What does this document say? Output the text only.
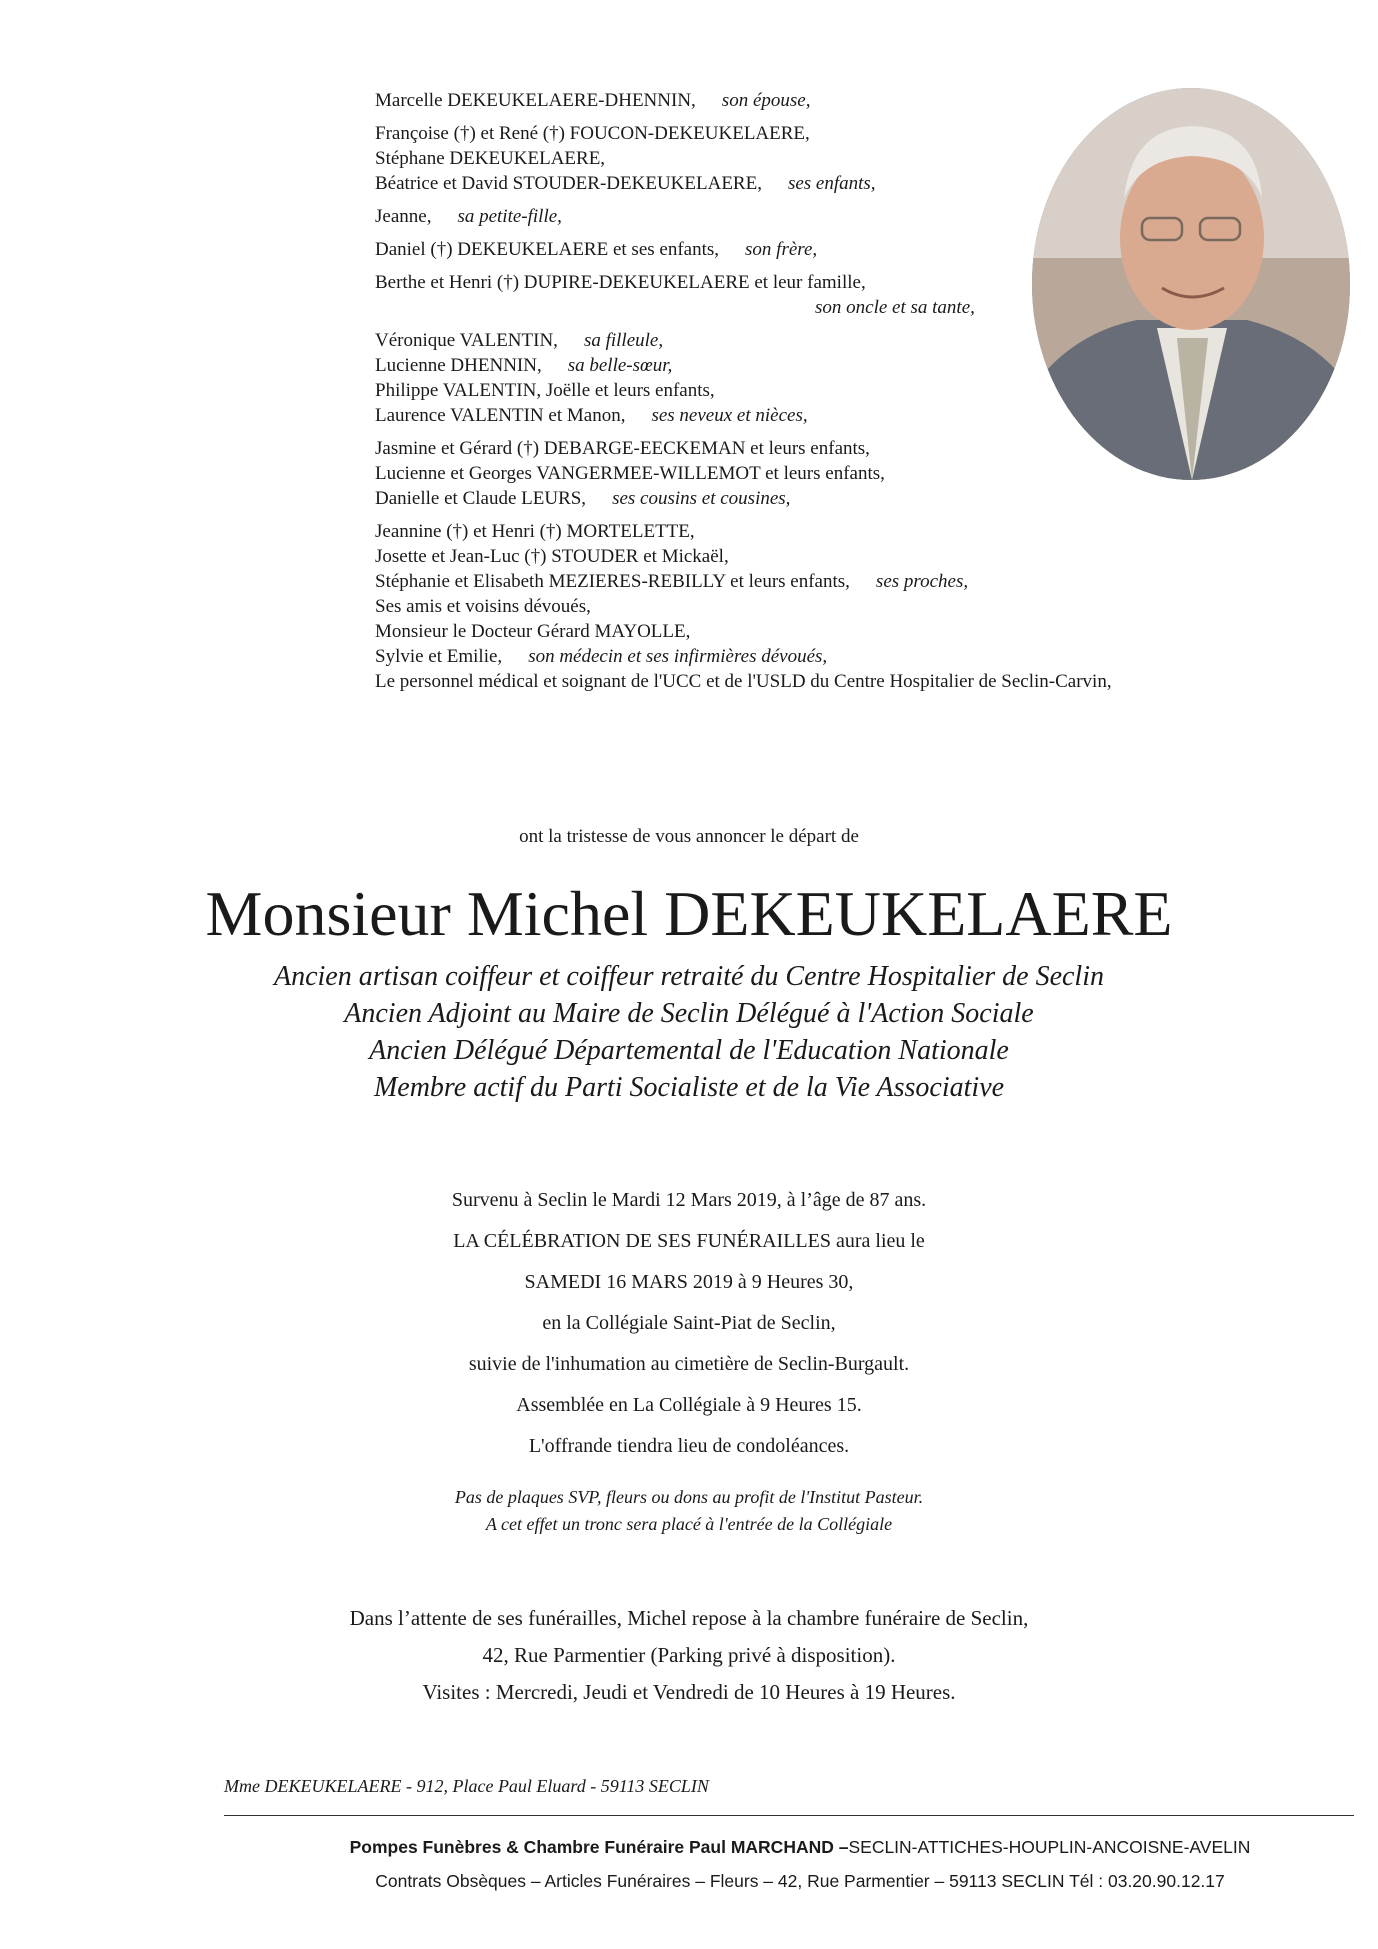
Marcelle DEKEUKELAERE-DHENNIN, son épouse,
Françoise (†) et René (†) FOUCON-DEKEUKELAERE,
Stéphane DEKEUKELAERE,
Béatrice et David STOUDER-DEKEUKELAERE, ses enfants,
Jeanne, sa petite-fille,
Daniel (†) DEKEUKELAERE et ses enfants, son frère,
Berthe et Henri (†) DUPIRE-DEKEUKELAERE et leur famille,
son oncle et sa tante,
Véronique VALENTIN, sa filleule,
Lucienne DHENNIN, sa belle-sœur,
Philippe VALENTIN, Joëlle et leurs enfants,
Laurence VALENTIN et Manon, ses neveux et nièces,
Jasmine et Gérard (†) DEBARGE-EECKEMAN et leurs enfants,
Lucienne et Georges VANGERMEE-WILLEMOT et leurs enfants,
Danielle et Claude LEURS, ses cousins et cousines,
Jeannine (†) et Henri (†) MORTELETTE,
Josette et Jean-Luc (†) STOUDER et Mickaël,
Stéphanie et Elisabeth MEZIERES-REBILLY et leurs enfants, ses proches,
Ses amis et voisins dévoués,
Monsieur le Docteur Gérard MAYOLLE,
Sylvie et Emilie, son médecin et ses infirmières dévoués,
Le personnel médical et soignant de l'UCC et de l'USLD du Centre Hospitalier de Seclin-Carvin,
ont la tristesse de vous annoncer le départ de
Monsieur Michel DEKEUKELAERE
Ancien artisan coiffeur et coiffeur retraité du Centre Hospitalier de Seclin
Ancien Adjoint au Maire de Seclin Délégué à l'Action Sociale
Ancien Délégué Départemental de l'Education Nationale
Membre actif du Parti Socialiste et de la Vie Associative
Survenu à Seclin le Mardi 12 Mars 2019, à l’âge de 87 ans.
LA CÉLÉBRATION DE SES FUNÉRAILLES aura lieu le
SAMEDI 16 MARS 2019 à 9 Heures 30,
en la Collégiale Saint-Piat de Seclin,
suivie de l'inhumation au cimetière de Seclin-Burgault.
Assemblée en La Collégiale à 9 Heures 15.
L'offrande tiendra lieu de condoléances.
Pas de plaques SVP, fleurs ou dons au profit de l'Institut Pasteur.
A cet effet un tronc sera placé à l'entrée de la Collégiale
Dans l’attente de ses funérailles, Michel repose à la chambre funéraire de Seclin,
42, Rue Parmentier (Parking privé à disposition).
Visites : Mercredi, Jeudi et Vendredi de 10 Heures à 19 Heures.
Mme DEKEUKELAERE - 912, Place Paul Eluard - 59113 SECLIN
Pompes Funèbres & Chambre Funéraire Paul MARCHAND –SECLIN-ATTICHES-HOUPLIN-ANCOISNE-AVELIN
Contrats Obsèques – Articles Funéraires – Fleurs – 42, Rue Parmentier – 59113 SECLIN Tél : 03.20.90.12.17
